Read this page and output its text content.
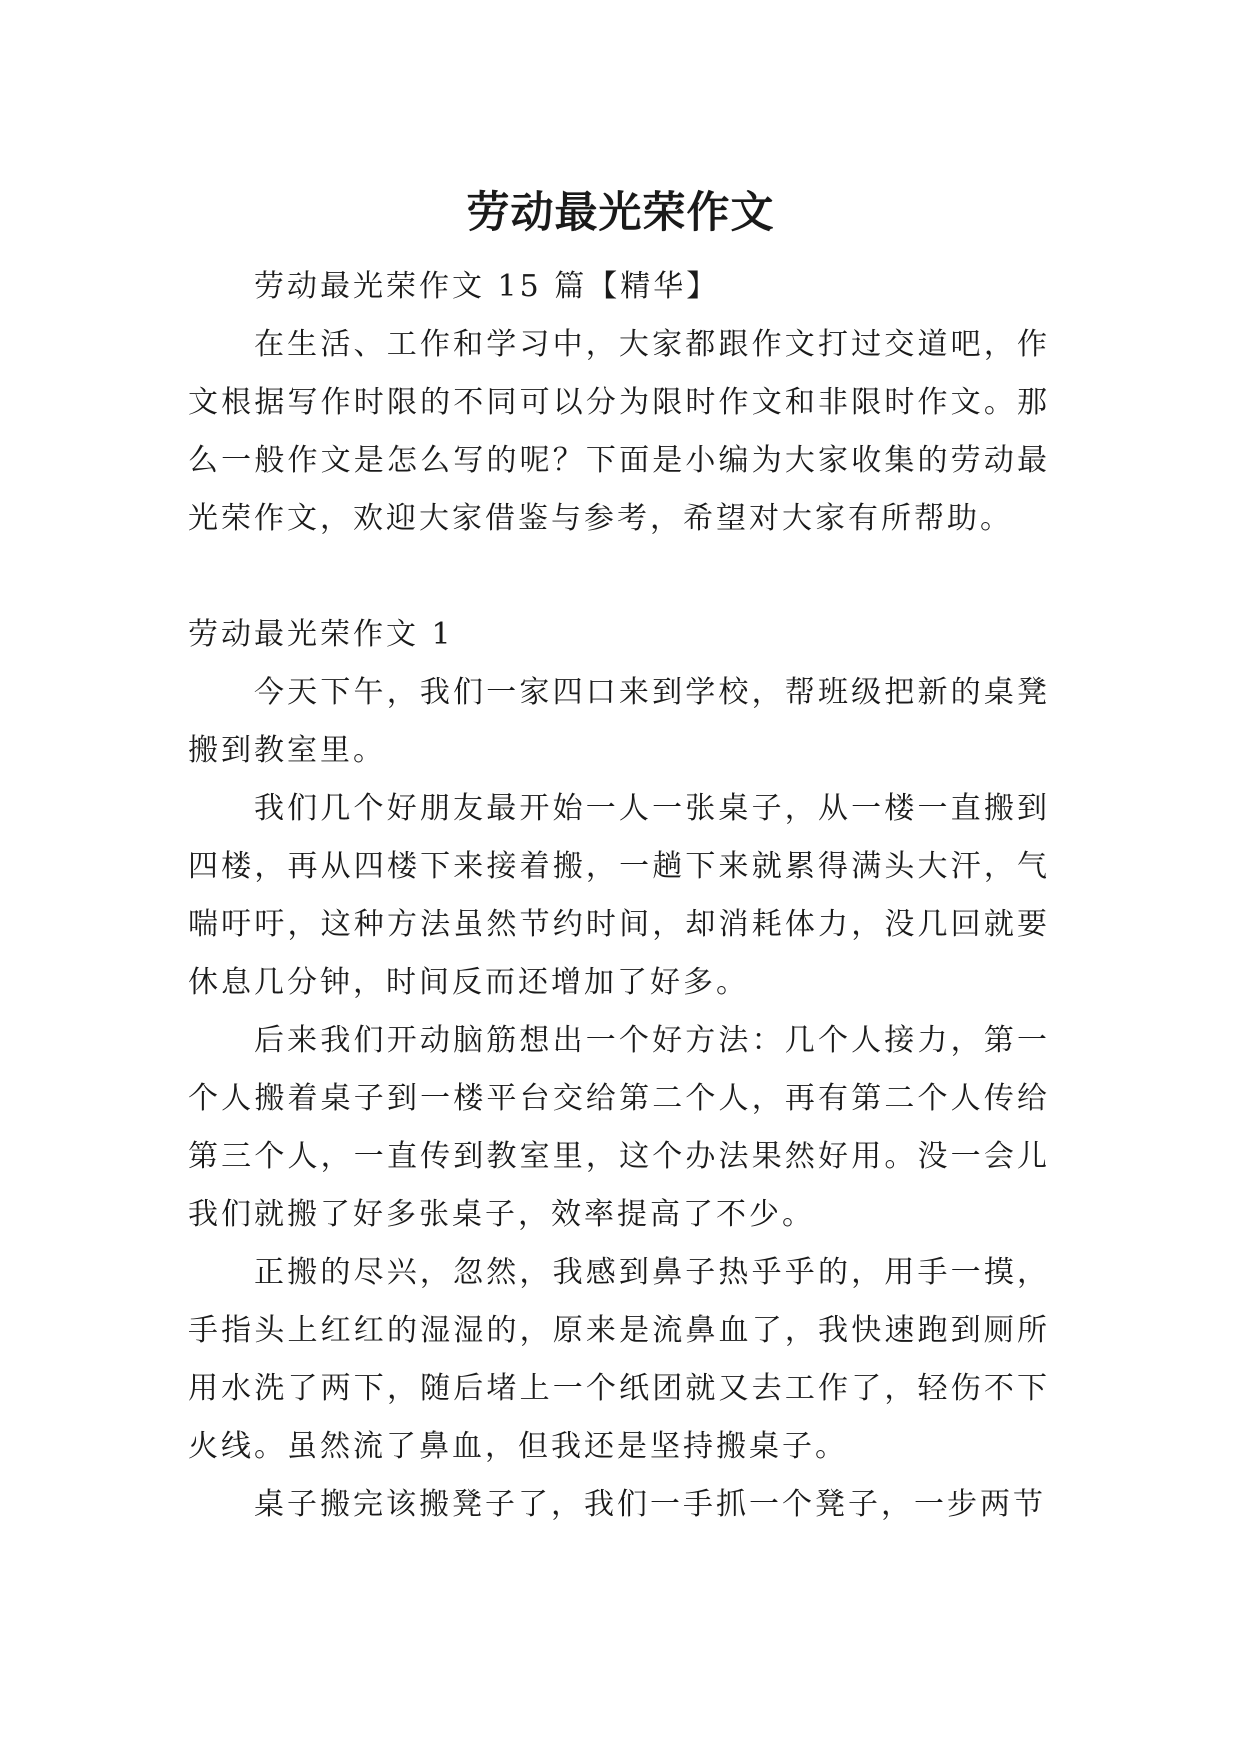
劳动最光荣作文

劳动最光荣作文 15 篇【精华】

在生活、工作和学习中，大家都跟作文打过交道吧，作文根据写作时限的不同可以分为限时作文和非限时作文。那么一般作文是怎么写的呢？下面是小编为大家收集的劳动最光荣作文，欢迎大家借鉴与参考，希望对大家有所帮助。

劳动最光荣作文 1

今天下午，我们一家四口来到学校，帮班级把新的桌凳搬到教室里。

我们几个好朋友最开始一人一张桌子，从一楼一直搬到四楼，再从四楼下来接着搬，一趟下来就累得满头大汗，气喘吁吁，这种方法虽然节约时间，却消耗体力，没几回就要休息几分钟，时间反而还增加了好多。

后来我们开动脑筋想出一个好方法：几个人接力，第一个人搬着桌子到一楼平台交给第二个人，再有第二个人传给第三个人，一直传到教室里，这个办法果然好用。没一会儿我们就搬了好多张桌子，效率提高了不少。

正搬的尽兴，忽然，我感到鼻子热乎乎的，用手一摸，手指头上红红的湿湿的，原来是流鼻血了，我快速跑到厕所用水洗了两下，随后堵上一个纸团就又去工作了，轻伤不下火线。虽然流了鼻血，但我还是坚持搬桌子。

桌子搬完该搬凳子了，我们一手抓一个凳子，一步两节
